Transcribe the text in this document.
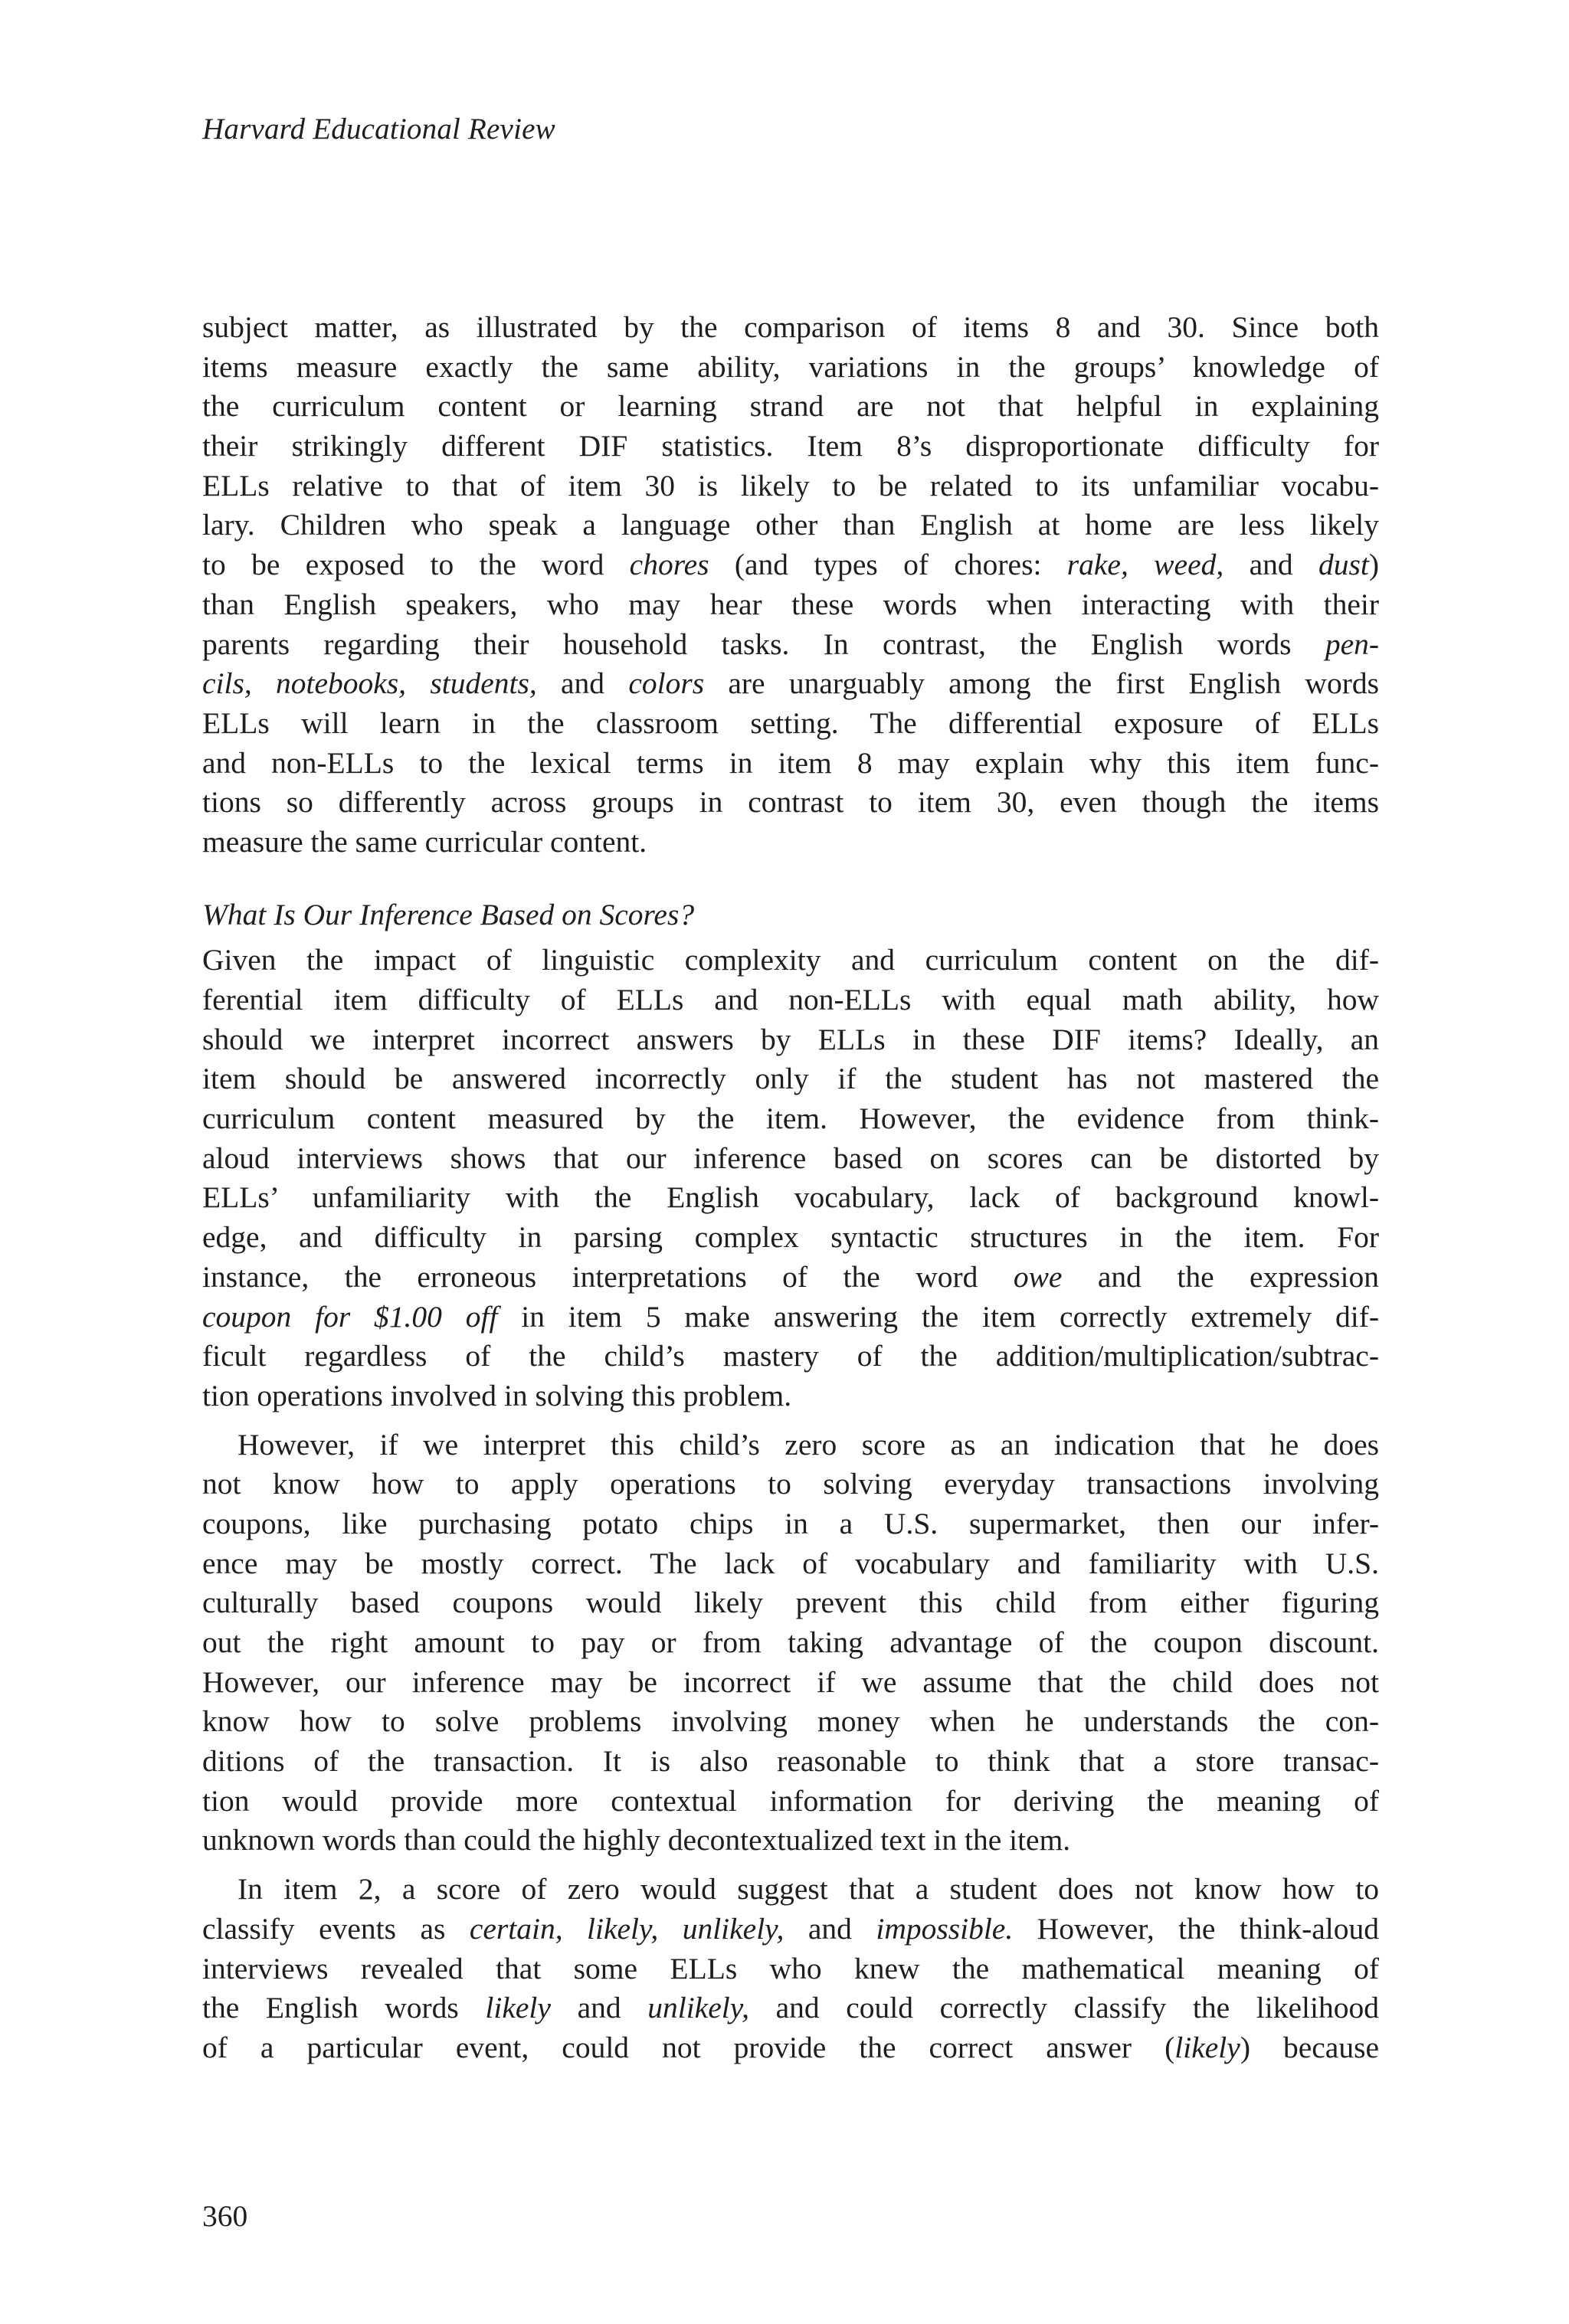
Harvard Educational Review
subject matter, as illustrated by the comparison of items 8 and 30. Since both
items measure exactly the same ability, variations in the groups’ knowledge of
the curriculum content or learning strand are not that helpful in explaining
their strikingly different DIF statistics. Item 8’s disproportionate difficulty for
ELLs relative to that of item 30 is likely to be related to its unfamiliar vocabu-
lary. Children who speak a language other than English at home are less likely
to be exposed to the word chores (and types of chores: rake, weed, and dust)
than English speakers, who may hear these words when interacting with their
parents regarding their household tasks. In contrast, the English words pen-
cils, notebooks, students, and colors are unarguably among the first English words
ELLs will learn in the classroom setting. The differential exposure of ELLs
and non-ELLs to the lexical terms in item 8 may explain why this item func-
tions so differently across groups in contrast to item 30, even though the items
measure the same curricular content.
What Is Our Inference Based on Scores?
Given the impact of linguistic complexity and curriculum content on the dif-
ferential item difficulty of ELLs and non-ELLs with equal math ability, how
should we interpret incorrect answers by ELLs in these DIF items? Ideally, an
item should be answered incorrectly only if the student has not mastered the
curriculum content measured by the item. However, the evidence from think-
aloud interviews shows that our inference based on scores can be distorted by
ELLs’ unfamiliarity with the English vocabulary, lack of background knowl-
edge, and difficulty in parsing complex syntactic structures in the item. For
instance, the erroneous interpretations of the word owe and the expression
coupon for $1.00 off in item 5 make answering the item correctly extremely dif-
ficult regardless of the child’s mastery of the addition/multiplication/subtrac-
tion operations involved in solving this problem.
However, if we interpret this child’s zero score as an indication that he does
not know how to apply operations to solving everyday transactions involving
coupons, like purchasing potato chips in a U.S. supermarket, then our infer-
ence may be mostly correct. The lack of vocabulary and familiarity with U.S.
culturally based coupons would likely prevent this child from either figuring
out the right amount to pay or from taking advantage of the coupon discount.
However, our inference may be incorrect if we assume that the child does not
know how to solve problems involving money when he understands the con-
ditions of the transaction. It is also reasonable to think that a store transac-
tion would provide more contextual information for deriving the meaning of
unknown words than could the highly decontextualized text in the item.
In item 2, a score of zero would suggest that a student does not know how to
classify events as certain, likely, unlikely, and impossible. However, the think-aloud
interviews revealed that some ELLs who knew the mathematical meaning of
the English words likely and unlikely, and could correctly classify the likelihood
of a particular event, could not provide the correct answer (likely) because
360
